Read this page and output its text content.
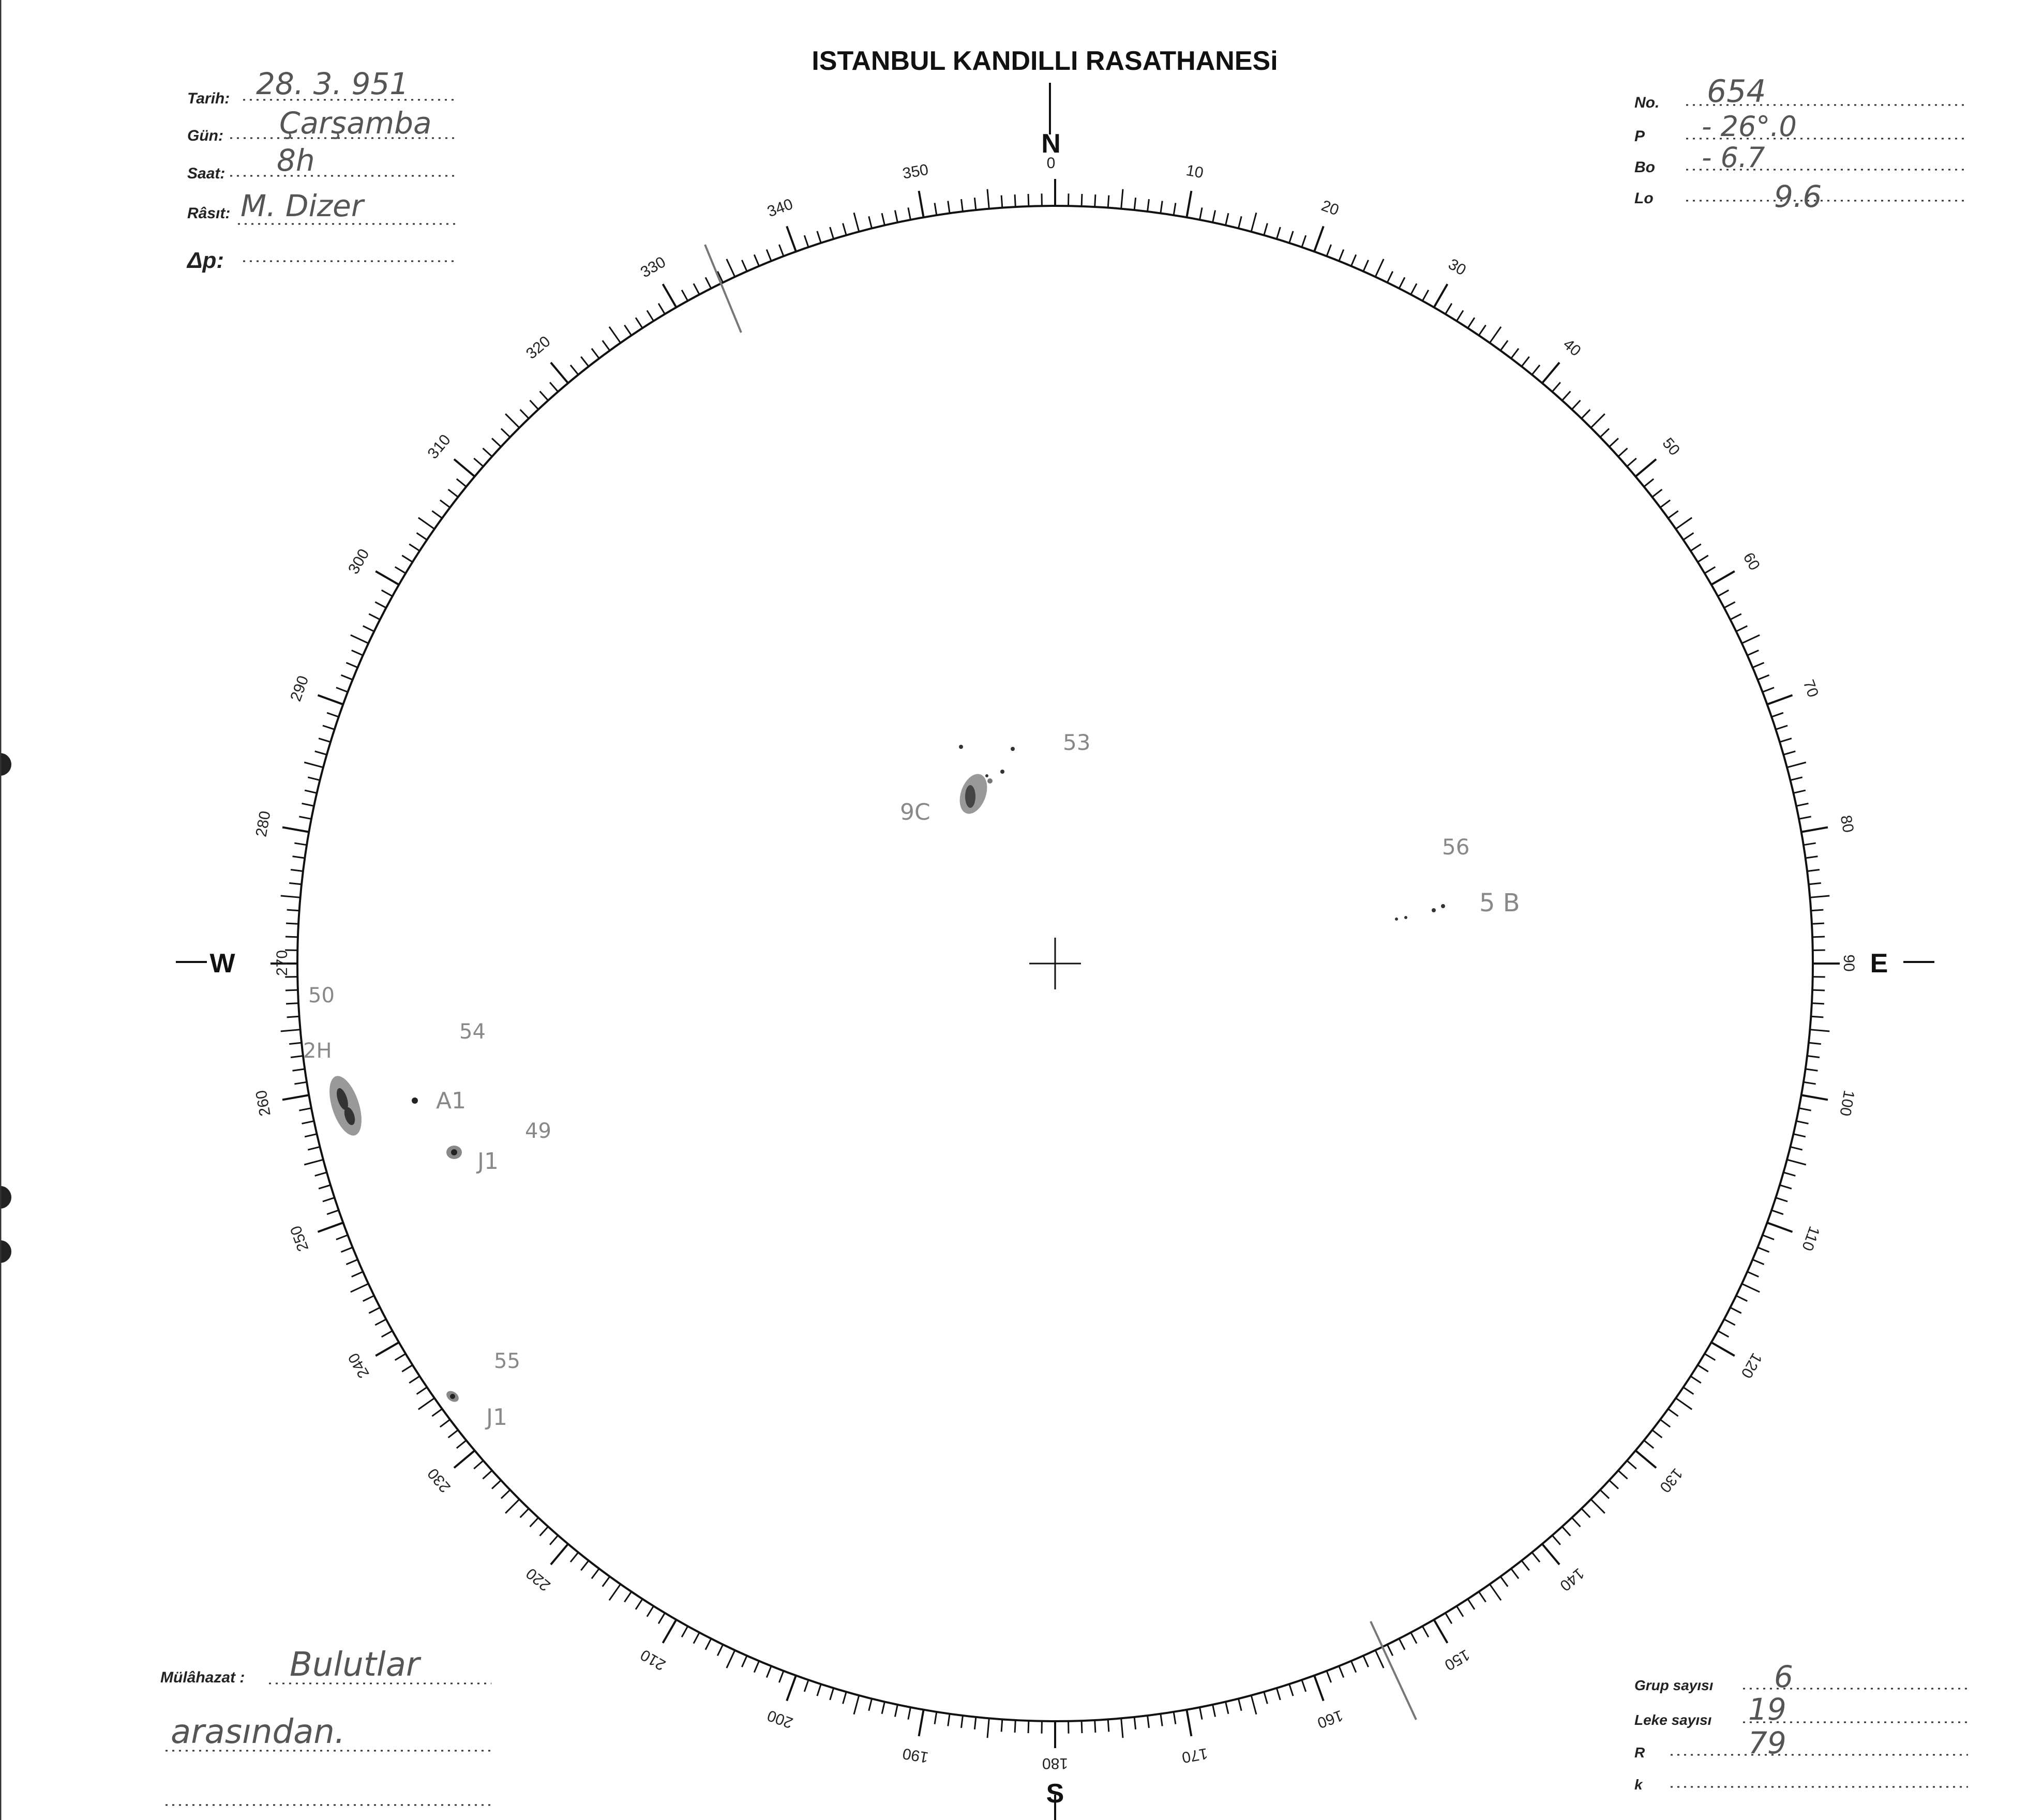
ISTANBUL KANDILLI RASATHANESi
Tarih: 28. 3. 951
Gün: Çarşamba
Saat: 8h
Râsıt: M. Dizer
Δp:
No. 654
P - 26°.0
Bo - 6.7
Lo	9.6
10
20
30
40
50
60
70
80
100
110
120
130
140
150
160
170
190
200
210
220
230
240
250
260
280
290
300
310
320
330
340
350
N
0
S
180
W 270	E
90
53
9C
56
5 B
50
2H
54
A1
49
J1
55
J1
Mülâhazat : Bulutlar
arasından.
Grup sayısı 6
Leke sayısı 19
R	79
k
